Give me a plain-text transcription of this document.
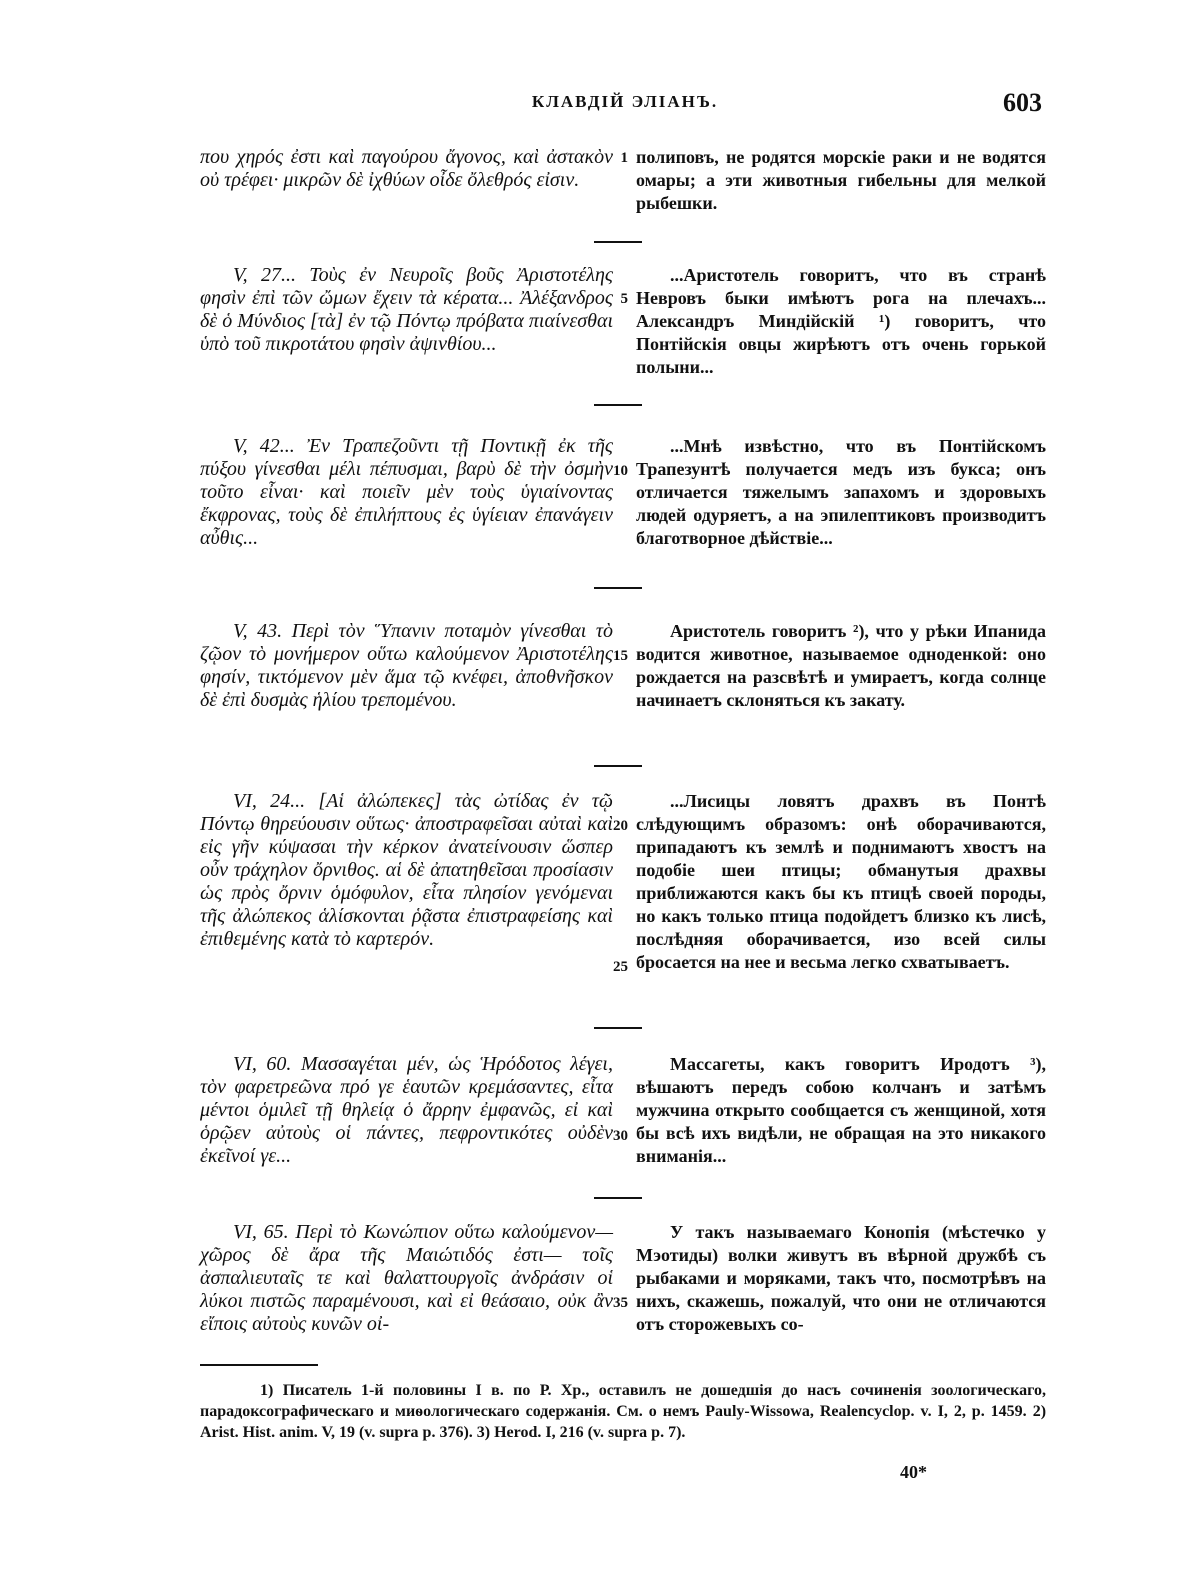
КЛАВДІЙ ЭЛІАНЪ.	603
που χηρός ἐστι καὶ παγούρου ἄγονος, καὶ ἀστακὸν οὐ τρέφει· μικρῶν δὲ ἰχθύων οἶδε ὄλεθρός εἰσιν.
полиповъ, не родятся морскіе раки и не водятся омары; а эти животныя гибельны для мелкой рыбешки.
V, 27... Τοὺς ἐν Νευροῖς βοῦς Ἀριστοτέλης φησὶν ἐπὶ τῶν ὤμων ἔχειν τὰ κέρατα... Ἀλέξανδρος δὲ ὁ Μύνδιος [τὰ] ἐν τῷ Πόντῳ πρόβατα πιαίνεσθαι ὑπὸ τοῦ πικροτάτου φησὶν ἀψινθίου...
...Аристотель говоритъ, что въ странѣ Невровъ быки имѣютъ рога на плечахъ... Александръ Миндійскій ¹) говоритъ, что Понтійскія овцы жирѣютъ отъ очень горькой полыни...
V, 42... Ἐν Τραπεζοῦντι τῇ Ποντικῇ ἐκ τῆς πύξου γίνεσθαι μέλι πέπυσμαι, βαρὺ δὲ τὴν ὀσμὴν τοῦτο εἶναι· καὶ ποιεῖν μὲν τοὺς ὑγιαίνοντας ἔκφρονας, τοὺς δὲ ἐπιλήπτους ἐς ὑγίειαν ἐπανάγειν αὖθις...
...Мнѣ извѣстно, что въ Понтійскомъ Трапезунтѣ получается медъ изъ букса; онъ отличается тяжелымъ запахомъ и здоровыхъ людей одуряетъ, а на эпилептиковъ производитъ благотворное дѣйствіе...
V, 43. Περὶ τὸν Ὕπανιν ποταμὸν γίνεσθαι τὸ ζῷον τὸ μονήμερον οὕτω καλούμενον Ἀριστοτέλης φησίν, τικτόμενον μὲν ἅμα τῷ κνέφει, ἀποθνῆσκον δὲ ἐπὶ δυσμὰς ἡλίου τρεπομένου.
Аристотель говоритъ ²), что у рѣки Ипанида водится животное, называемое одноденкой: оно рождается на разсвѣтѣ и умираетъ, когда солнце начинаетъ склоняться къ закату.
VI, 24... [Αἱ ἀλώπεκες] τὰς ὠτίδας ἐν τῷ Πόντῳ θηρεύουσιν οὕτως· ἀποστραφεῖσαι αὐταὶ καὶ εἰς γῆν κύψασαι τὴν κέρκον ἀνατείνουσιν ὥσπερ οὖν τράχηλον ὄρνιθος. αἱ δὲ ἀπατηθεῖσαι προσίασιν ὡς πρὸς ὄρνιν ὁμόφυλον, εἶτα πλησίον γενόμεναι τῆς ἀλώπεκος ἁλίσκονται ῥᾷστα ἐπιστραφείσης καὶ ἐπιθεμένης κατὰ τὸ καρτερόν.
...Лисицы ловятъ драхвъ въ Понтѣ слѣдующимъ образомъ: онѣ оборачиваются, припадаютъ къ землѣ и поднимаютъ хвостъ на подобіе шеи птицы; обманутыя драхвы приближаются какъ бы къ птицѣ своей породы, но какъ только птица подойдетъ близко къ лисѣ, послѣдняя оборачивается, изо всей силы бросается на нее и весьма легко схватываетъ.
VI, 60. Μασσαγέται μέν, ὡς Ἡρόδοτος λέγει, τὸν φαρετρεῶνα πρό γε ἑαυτῶν κρεμάσαντες, εἶτα μέντοι ὁμιλεῖ τῇ θηλείᾳ ὁ ἄρρην ἐμφανῶς, εἰ καὶ ὁρῷεν αὐτοὺς οἱ πάντες, πεφροντικότες οὐδὲν ἐκεῖνοί γε...
Массагеты, какъ говоритъ Иродотъ ³), вѣшаютъ передъ собою колчанъ и затѣмъ мужчина открыто сообщается съ женщиной, хотя бы всѣ ихъ видѣли, не обращая на это никакого вниманія...
VI, 65. Περὶ τὸ Κωνώπιον οὕτω καλούμενον—χῶρος δὲ ἄρα τῆς Μαιώτιδός ἐστι— τοῖς ἀσπαλιευταῖς τε καὶ θαλαττουργοῖς ἀνδράσιν οἱ λύκοι πιστῶς παραμένουσι, καὶ εἰ θεάσαιο, οὐκ ἂν εἴποις αὐτοὺς κυνῶν οἰ-
У такъ называемаго Конопія (мѣстечко у Мэотиды) волки живутъ въ вѣрной дружбѣ съ рыбаками и моряками, такъ что, посмотрѣвъ на нихъ, скажешь, пожалуй, что они не отличаются отъ сторожевыхъ со-
1
5
10
15
20
25
30
35

1) Писатель 1-й половины I в. по Р. Хр., оставилъ не дошедшія до насъ сочиненія зоологическаго, парадоксографическаго и миѳологическаго содержанія. См. о немъ Pauly-Wissowa, Realencyclop. v. I, 2, p. 1459. 2) Arist. Hist. anim. V, 19 (v. supra p. 376). 3) Herod. I, 216 (v. supra p. 7).

40*
